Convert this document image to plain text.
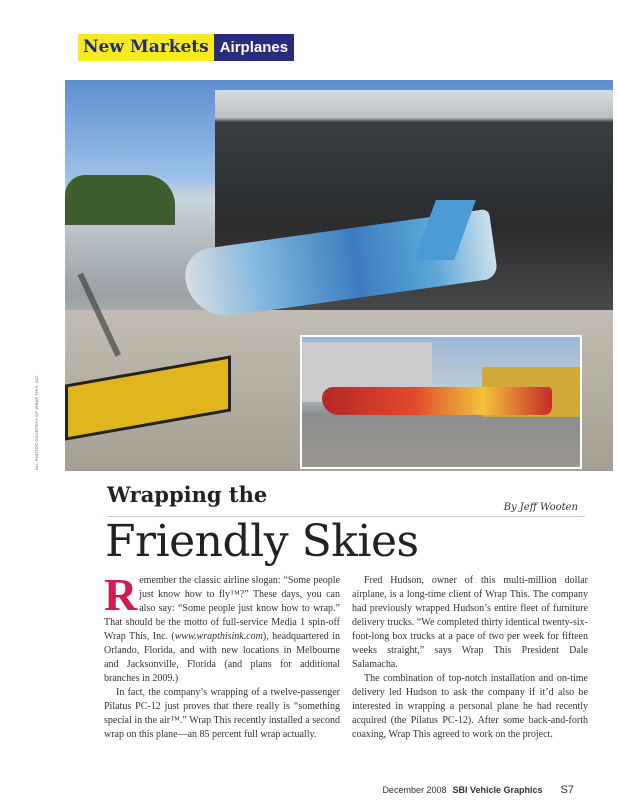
New Markets Airplanes
ALL PHOTOS COURTESY OF WRAP THIS, INC.
Wrapping the
By Jeff Wooten
Friendly Skies

Remember the classic airline slogan: “Some people just know how to fly™?” These days, you can also say: “Some people just know how to wrap.” That should be the motto of full-service Media 1 spin-off Wrap This, Inc. (www.wrapthisink.com), headquartered in Orlando, Florida, and with new locations in Melbourne and Jacksonville, Florida (and plans for additional branches in 2009.)

In fact, the company’s wrapping of a twelve-passenger Pilatus PC-12 just proves that there really is “something special in the air™.” Wrap This recently installed a second wrap on this plane—an 85 percent full wrap actually.

Fred Hudson, owner of this multi-million dollar airplane, is a long-time client of Wrap This. The company had previously wrapped Hudson’s entire fleet of furniture delivery trucks. “We completed thirty identical twenty-six-foot-long box trucks at a pace of two per week for fifteen weeks straight,” says Wrap This President Dale Salamacha.

The combination of top-notch installation and on-time delivery led Hudson to ask the company if it’d also be interested in wrapping a personal plane he had recently acquired (the Pilatus PC-12). After some back-and-forth coaxing, Wrap This agreed to work on the project.

December 2008 SBI Vehicle Graphics S7
